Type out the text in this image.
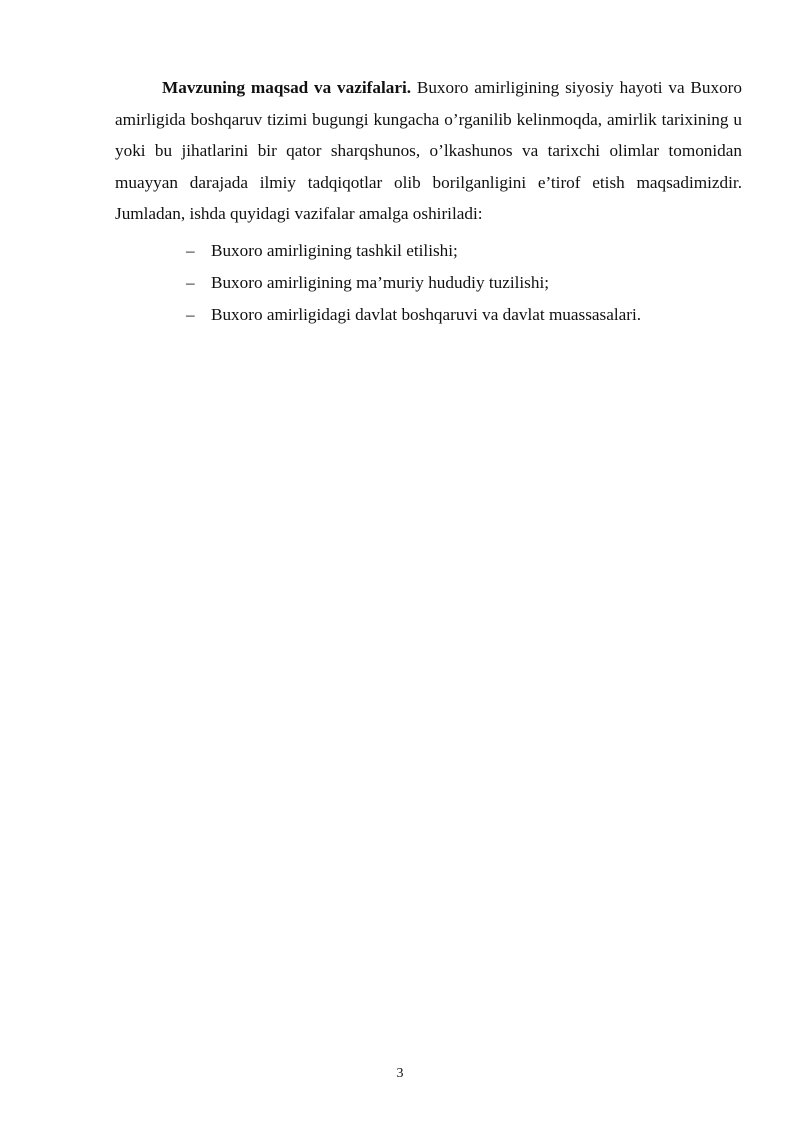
Mavzuning maqsad va vazifalari. Buxoro amirligining siyosiy hayoti va Buxoro amirligida boshqaruv tizimi bugungi kungacha o’rganilib kelinmoqda, amirlik tarixining u yoki bu jihatlarini bir qator sharqshunos, o’lkashunos va tarixchi olimlar tomonidan muayyan darajada ilmiy tadqiqotlar olib borilganligini e’tirof etish maqsadimizdir. Jumladan, ishda quyidagi vazifalar amalga oshiriladi:

– Buxoro amirligining tashkil etilishi;
– Buxoro amirligining ma’muriy hududiy tuzilishi;
– Buxoro amirligidagi davlat boshqaruvi va davlat muassasalari.
3
